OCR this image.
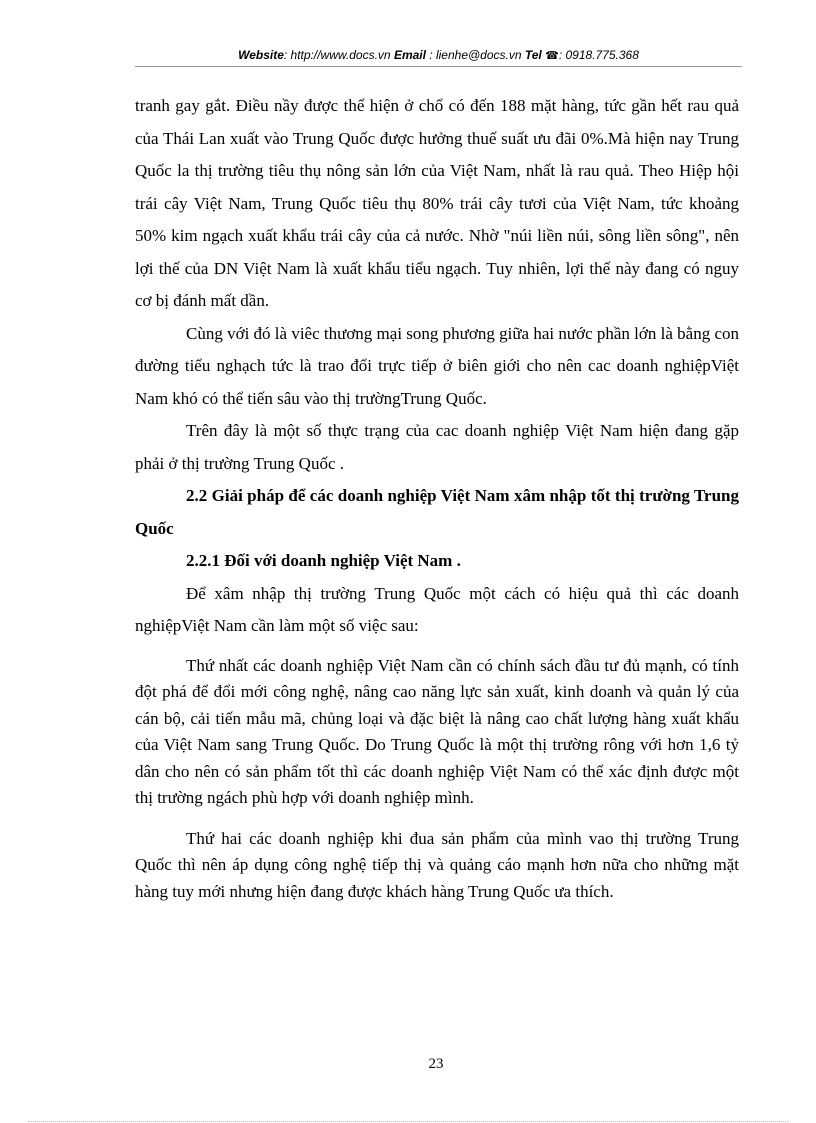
Website: http://www.docs.vn Email : lienhe@docs.vn Tel ☎: 0918.775.368

tranh gay gắt. Điều nầy được thể hiện ở chổ có đến 188 mặt hàng, tức gần hết rau quả của Thái Lan xuất vào Trung Quốc được hưởng thuế suất ưu đãi 0%.Mà hiện nay Trung Quốc la thị trường tiêu thụ nông sản lớn của Việt Nam, nhất là rau quả. Theo Hiệp hội trái cây Việt Nam, Trung Quốc tiêu thụ 80% trái cây tươi của Việt Nam, tức khoảng 50% kim ngạch xuất khẩu trái cây của cả nước. Nhờ "núi liền núi, sông liền sông", nên lợi thế của DN Việt Nam là xuất khẩu tiểu ngạch. Tuy nhiên, lợi thế này đang có nguy cơ bị đánh mất dần.

Cùng với đó là viêc thương mại song phương giữa hai nước phần lớn là bằng con đường tiểu nghạch tức là trao đổi trực tiếp ở biên giới cho nên cac doanh nghiệpViệt Nam khó có thể tiến sâu vào thị trườngTrung Quốc.

Trên đây là một số thực trạng của cac doanh nghiệp Việt Nam hiện đang gặp phải ở thị trường Trung Quốc .

2.2 Giải pháp để các doanh nghiệp Việt Nam xâm nhập tốt thị trường Trung Quốc

2.2.1 Đối với doanh nghiệp Việt Nam .

Để xâm nhập thị trường Trung Quốc một cách có hiệu quả thì các doanh nghiệpViệt Nam cần làm một số việc sau:

Thứ nhất các doanh nghiệp Việt Nam cần có chính sách đầu tư đủ mạnh, có tính đột phá để đổi mới công nghệ, nâng cao năng lực sản xuất, kinh doanh và quản lý của cán bộ, cải tiến mẫu mã, chủng loại và đặc biệt là nâng cao chất lượng hàng xuất khẩu của Việt Nam sang Trung Quốc. Do Trung Quốc là một thị trường rông với hơn 1,6 tỷ dân cho nên có sản phẩm tốt thì các doanh nghiệp Việt Nam có thể xác định được một thị trường ngách phù hợp với doanh nghiệp mình.

Thứ hai các doanh nghiệp khi đua sản phẩm của mình vao thị trường Trung Quốc thì nên áp dụng công nghệ tiếp thị và quảng cáo mạnh hơn nữa cho những mặt hàng tuy mới nhưng hiện đang được khách hàng Trung Quốc ưa thích.

23
